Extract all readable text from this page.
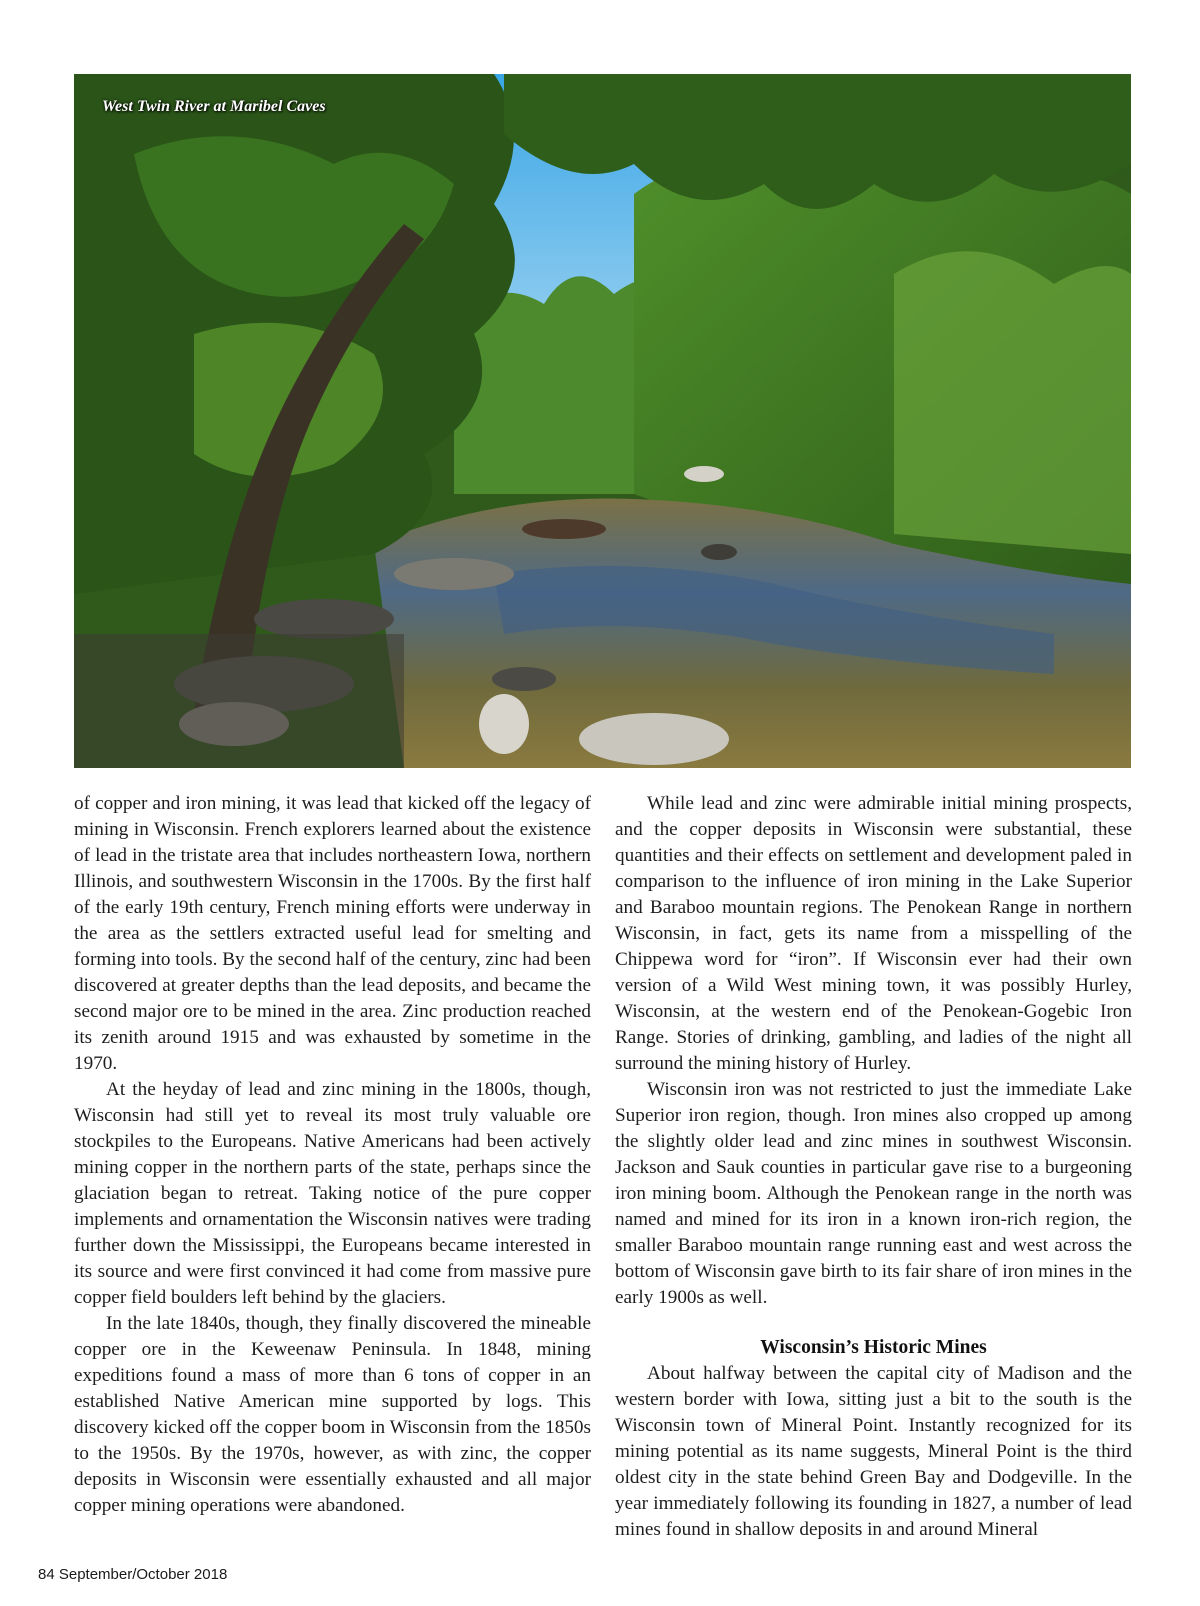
West Twin River at Maribel Caves

of copper and iron mining, it was lead that kicked off the legacy of mining in Wisconsin. French explorers learned about the existence of lead in the tristate area that includes northeastern Iowa, northern Illinois, and southwestern Wisconsin in the 1700s. By the first half of the early 19th century, French mining efforts were underway in the area as the settlers extracted useful lead for smelting and forming into tools. By the second half of the century, zinc had been discovered at greater depths than the lead deposits, and became the second major ore to be mined in the area. Zinc production reached its zenith around 1915 and was exhausted by sometime in the 1970.

At the heyday of lead and zinc mining in the 1800s, though, Wisconsin had still yet to reveal its most truly valuable ore stockpiles to the Europeans. Native Americans had been actively mining copper in the northern parts of the state, perhaps since the glaciation began to retreat. Taking notice of the pure copper implements and ornamentation the Wisconsin natives were trading further down the Mississippi, the Europeans became interested in its source and were first convinced it had come from massive pure copper field boulders left behind by the glaciers.

In the late 1840s, though, they finally discovered the mineable copper ore in the Keweenaw Peninsula. In 1848, mining expeditions found a mass of more than 6 tons of copper in an established Native American mine supported by logs. This discovery kicked off the copper boom in Wisconsin from the 1850s to the 1950s. By the 1970s, however, as with zinc, the copper deposits in Wisconsin were essentially exhausted and all major copper mining operations were abandoned.

While lead and zinc were admirable initial mining prospects, and the copper deposits in Wisconsin were substantial, these quantities and their effects on settlement and development paled in comparison to the influence of iron mining in the Lake Superior and Baraboo mountain regions. The Penokean Range in northern Wisconsin, in fact, gets its name from a misspelling of the Chippewa word for “iron”. If Wisconsin ever had their own version of a Wild West mining town, it was possibly Hurley, Wisconsin, at the western end of the Penokean-Gogebic Iron Range. Stories of drinking, gambling, and ladies of the night all surround the mining history of Hurley.

Wisconsin iron was not restricted to just the immediate Lake Superior iron region, though. Iron mines also cropped up among the slightly older lead and zinc mines in southwest Wisconsin. Jackson and Sauk counties in particular gave rise to a burgeoning iron mining boom. Although the Penokean range in the north was named and mined for its iron in a known iron-rich region, the smaller Baraboo mountain range running east and west across the bottom of Wisconsin gave birth to its fair share of iron mines in the early 1900s as well.

Wisconsin’s Historic Mines

About halfway between the capital city of Madison and the western border with Iowa, sitting just a bit to the south is the Wisconsin town of Mineral Point. Instantly recognized for its mining potential as its name suggests, Mineral Point is the third oldest city in the state behind Green Bay and Dodgeville. In the year immediately following its founding in 1827, a number of lead mines found in shallow deposits in and around Mineral

84 September/October 2018
